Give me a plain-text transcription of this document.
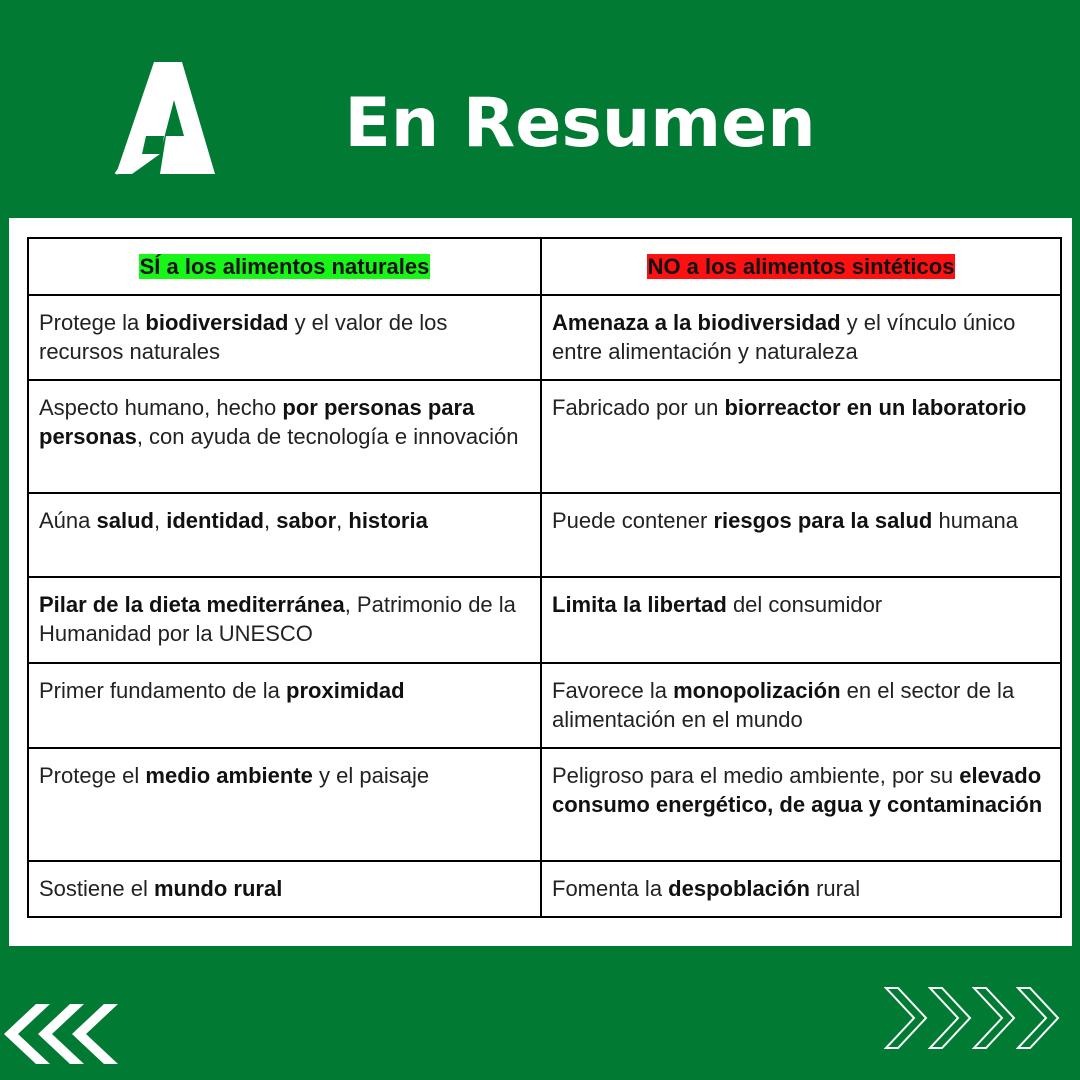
En Resumen
SÍ a los alimentos naturales	NO a los alimentos sintéticos
Protege la biodiversidad y el valor de los recursos naturales	Amenaza a la biodiversidad y el vínculo único entre alimentación y naturaleza
Aspecto humano, hecho por personas para personas, con ayuda de tecnología e innovación	Fabricado por un biorreactor en un laboratorio
Aúna salud, identidad, sabor, historia	Puede contener riesgos para la salud humana
Pilar de la dieta mediterránea, Patrimonio de la Humanidad por la UNESCO	Limita la libertad del consumidor
Primer fundamento de la proximidad	Favorece la monopolización en el sector de la alimentación en el mundo
Protege el medio ambiente y el paisaje	Peligroso para el medio ambiente, por su elevado consumo energético, de agua y contaminación
Sostiene el mundo rural	Fomenta la despoblación rural
